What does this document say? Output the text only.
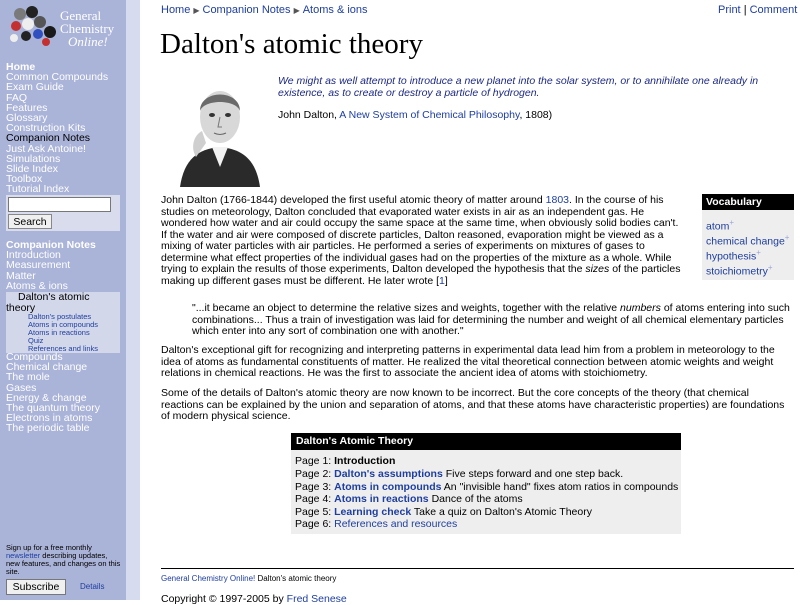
General
Chemistry
Online!
Home
Common Compounds
Exam Guide
FAQ
Features
Glossary
Construction Kits
Companion Notes
Just Ask Antoine!
Simulations
Slide Index
Toolbox
Tutorial Index
Search
Companion Notes
Introduction
Measurement
Matter
Atoms & ions
Dalton's atomic
theory
Dalton's postulates
Atoms in compounds
Atoms in reactions
Quiz
References and links
Compounds
Chemical change
The mole
Gases
Energy & change
The quantum theory
Electrons in atoms
The periodic table
Sign up for a free monthly newsletter describing updates, new features, and changes on this site.
Subscribe	Details
Home ▶ Companion Notes ▶ Atoms & ions	Print | Comment
Dalton's atomic theory
We might as well attempt to introduce a new planet into the solar system, or to annihilate one already in existence, as to create or destroy a particle of hydrogen.
John Dalton, A New System of Chemical Philosophy, 1808)

John Dalton (1766-1844) developed the first useful atomic theory of matter around 1803. In the course of his studies on meteorology, Dalton concluded that evaporated water exists in air as an independent gas. He wondered how water and air could occupy the same space at the same time, when obviously solid bodies can't. If the water and air were composed of discrete particles, Dalton reasoned, evaporation might be viewed as a mixing of water particles with air particles. He performed a series of experiments on mixtures of gases to determine what effect properties of the individual gases had on the properties of the mixture as a whole. While trying to explain the results of those experiments, Dalton developed the hypothesis that the sizes of the particles making up different gases must be different. He later wrote [1]

"...it became an object to determine the relative sizes and weights, together with the relative numbers of atoms entering into such combinations... Thus a train of investigation was laid for determining the number and weight of all chemical elementary particles which enter into any sort of combination one with another."

Dalton's exceptional gift for recognizing and interpreting patterns in experimental data lead him from a problem in meteorology to the idea of atoms as fundamental constituents of matter. He realized the vital theoretical connection between atomic weights and weight relations in chemical reactions. He was the first to associate the ancient idea of atoms with stoichiometry.

Some of the details of Dalton's atomic theory are now known to be incorrect. But the core concepts of the theory (that chemical reactions can be explained by the union and separation of atoms, and that these atoms have characteristic properties) are foundations of modern physical science.

Vocabulary
atom+
chemical change+
hypothesis+
stoichiometry+
Dalton's Atomic Theory
Page 1: Introduction
Page 2: Dalton's assumptions Five steps forward and one step back.
Page 3: Atoms in compounds An "invisible hand" fixes atom ratios in compounds
Page 4: Atoms in reactions Dance of the atoms
Page 5: Learning check Take a quiz on Dalton's Atomic Theory
Page 6: References and resources
General Chemistry Online! Dalton's atomic theory
Copyright © 1997-2005 by Fred Senese
